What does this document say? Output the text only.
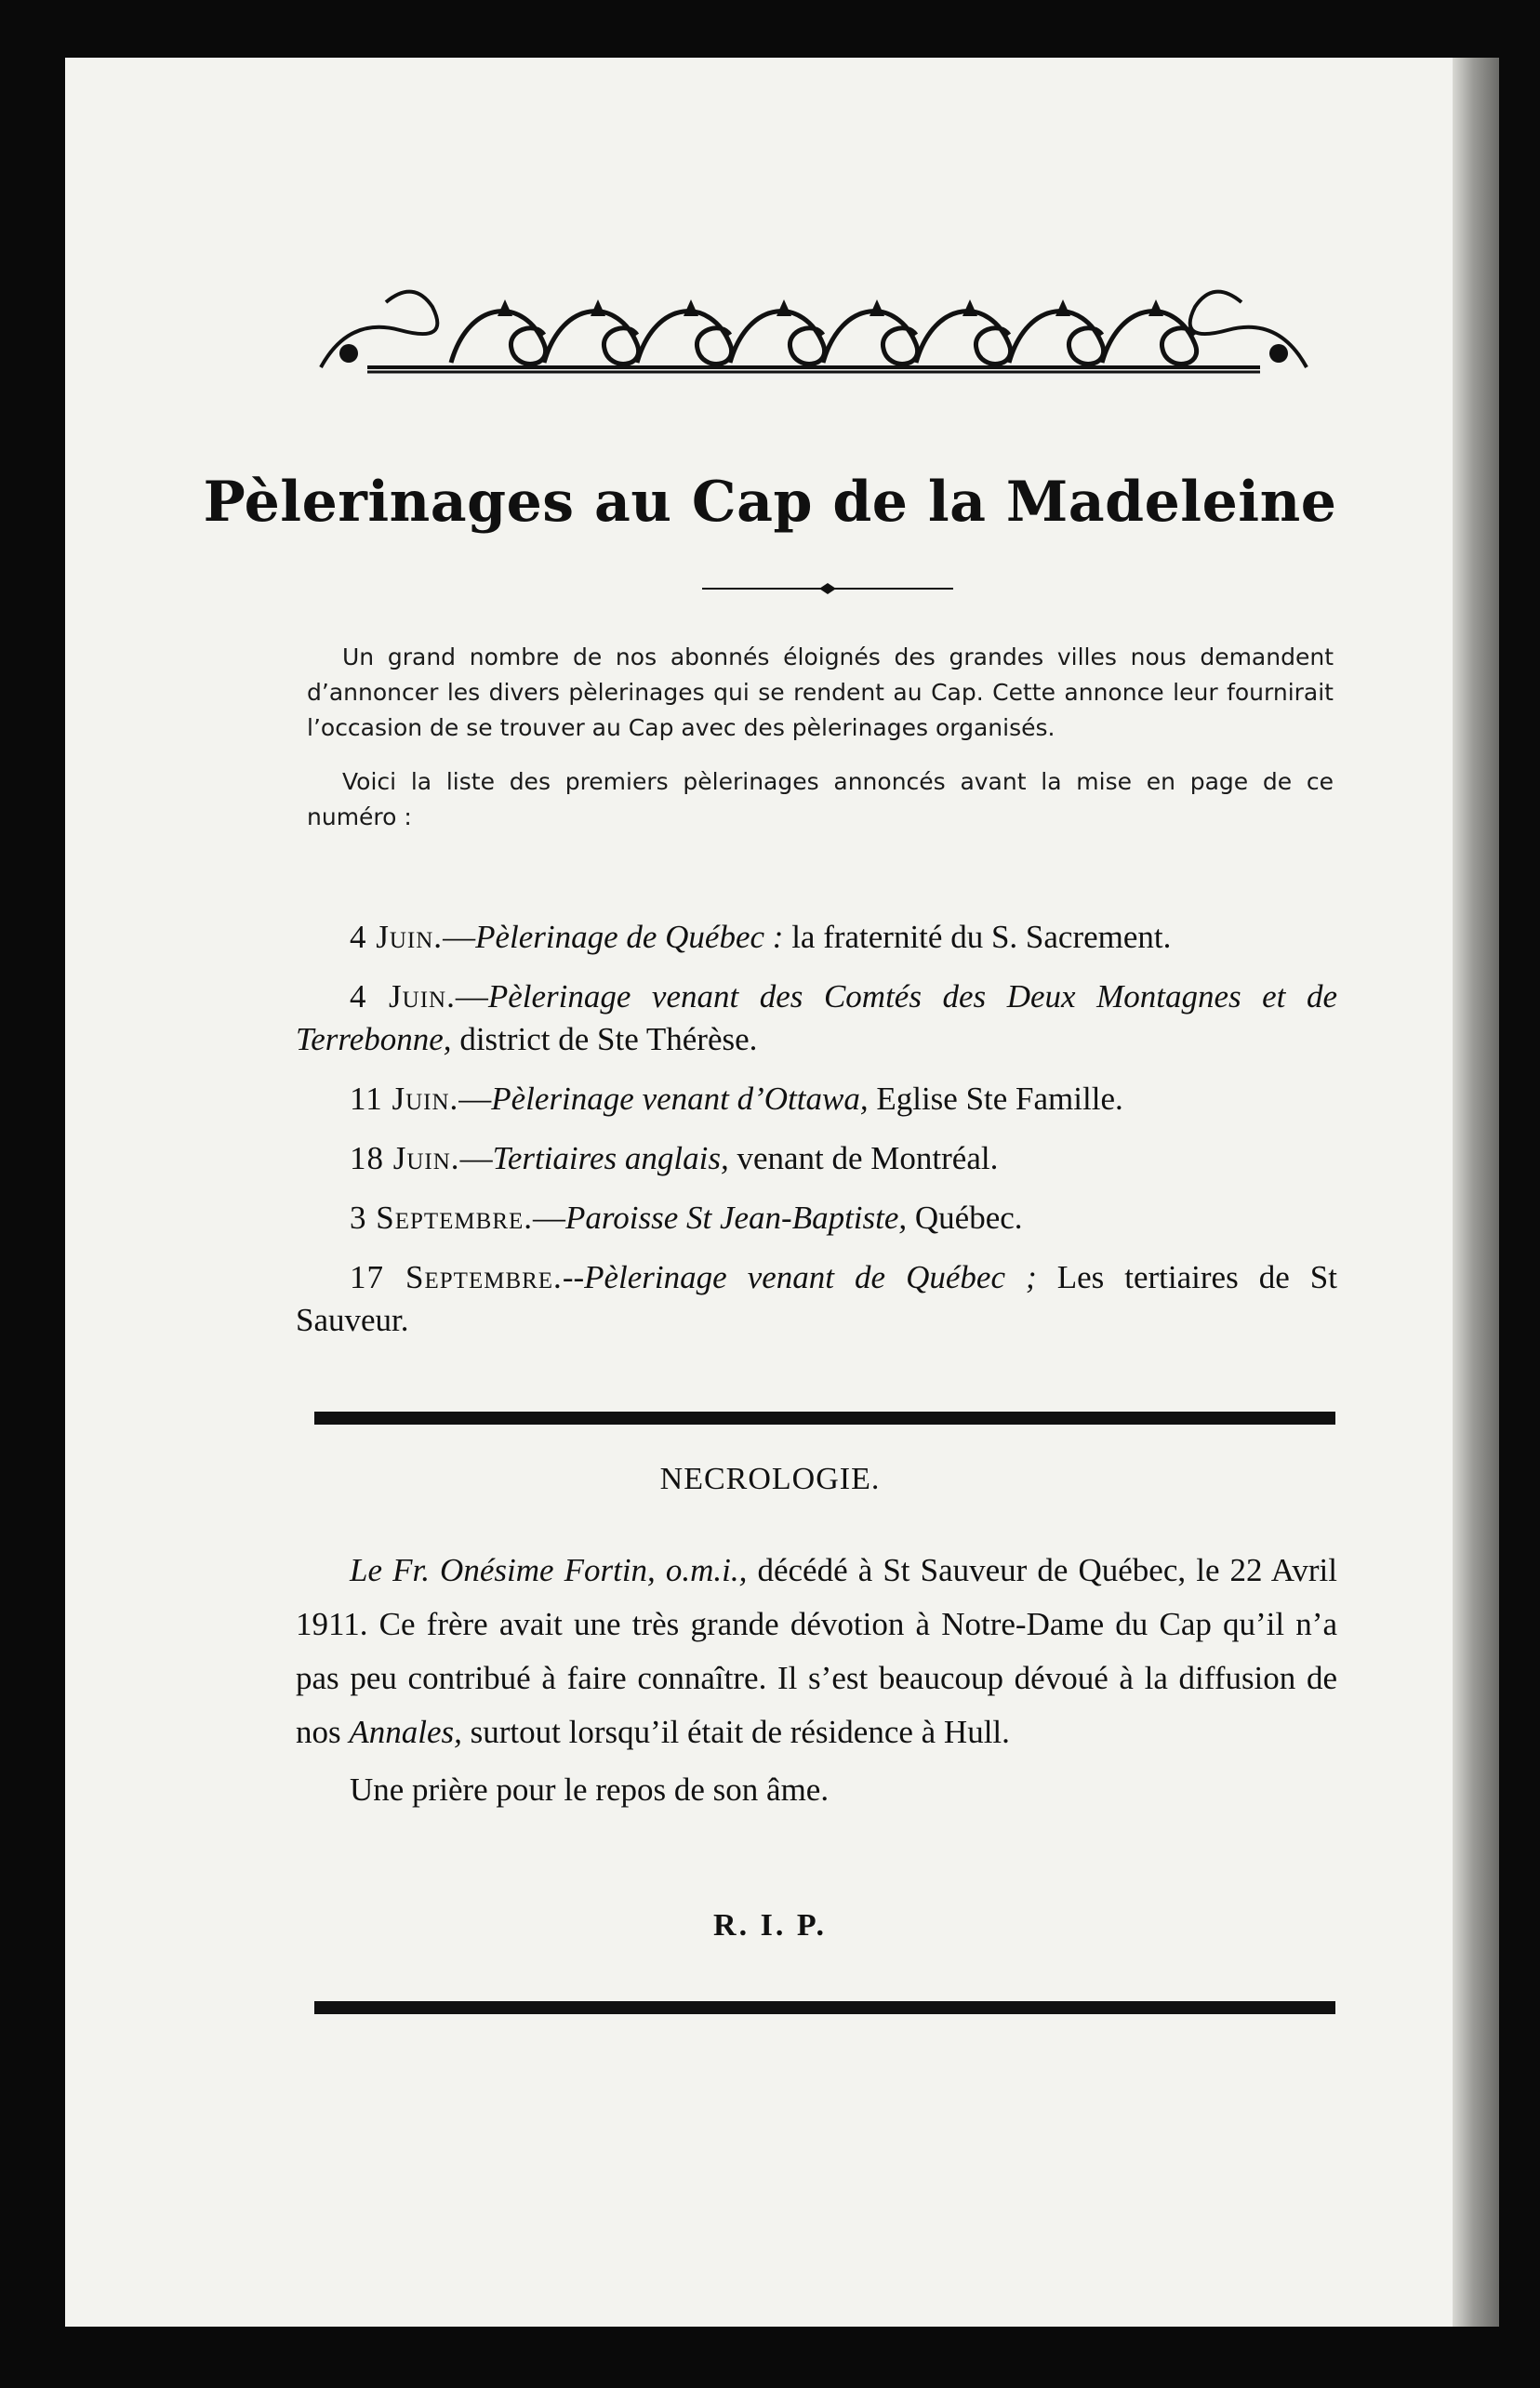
Pèlerinages au Cap de la Madeleine

Un grand nombre de nos abonnés éloignés des grandes villes nous demandent d’annoncer les divers pèlerinages qui se rendent au Cap. Cette annonce leur fournirait l’occasion de se trouver au Cap avec des pèlerinages organisés.

Voici la liste des premiers pèlerinages annoncés avant la mise en page de ce numéro :

4 Juin.—Pèlerinage de Québec : la fraternité du S. Sacrement.

4 Juin.—Pèlerinage venant des Comtés des Deux Montagnes et de Terrebonne, district de Ste Thérèse.

11 Juin.—Pèlerinage venant d’Ottawa, Eglise Ste Famille.

18 Juin.—Tertiaires anglais, venant de Montréal.

3 Septembre.—Paroisse St Jean-Baptiste, Québec.

17 Septembre.--Pèlerinage venant de Québec ; Les tertiaires de St Sauveur.

NECROLOGIE.

Le Fr. Onésime Fortin, o.m.i., décédé à St Sauveur de Québec, le 22 Avril 1911. Ce frère avait une très grande dévotion à Notre-Dame du Cap qu’il n’a pas peu contribué à faire connaître. Il s’est beaucoup dévoué à la diffusion de nos Annales, surtout lorsqu’il était de résidence à Hull.

Une prière pour le repos de son âme.

R. I. P.
